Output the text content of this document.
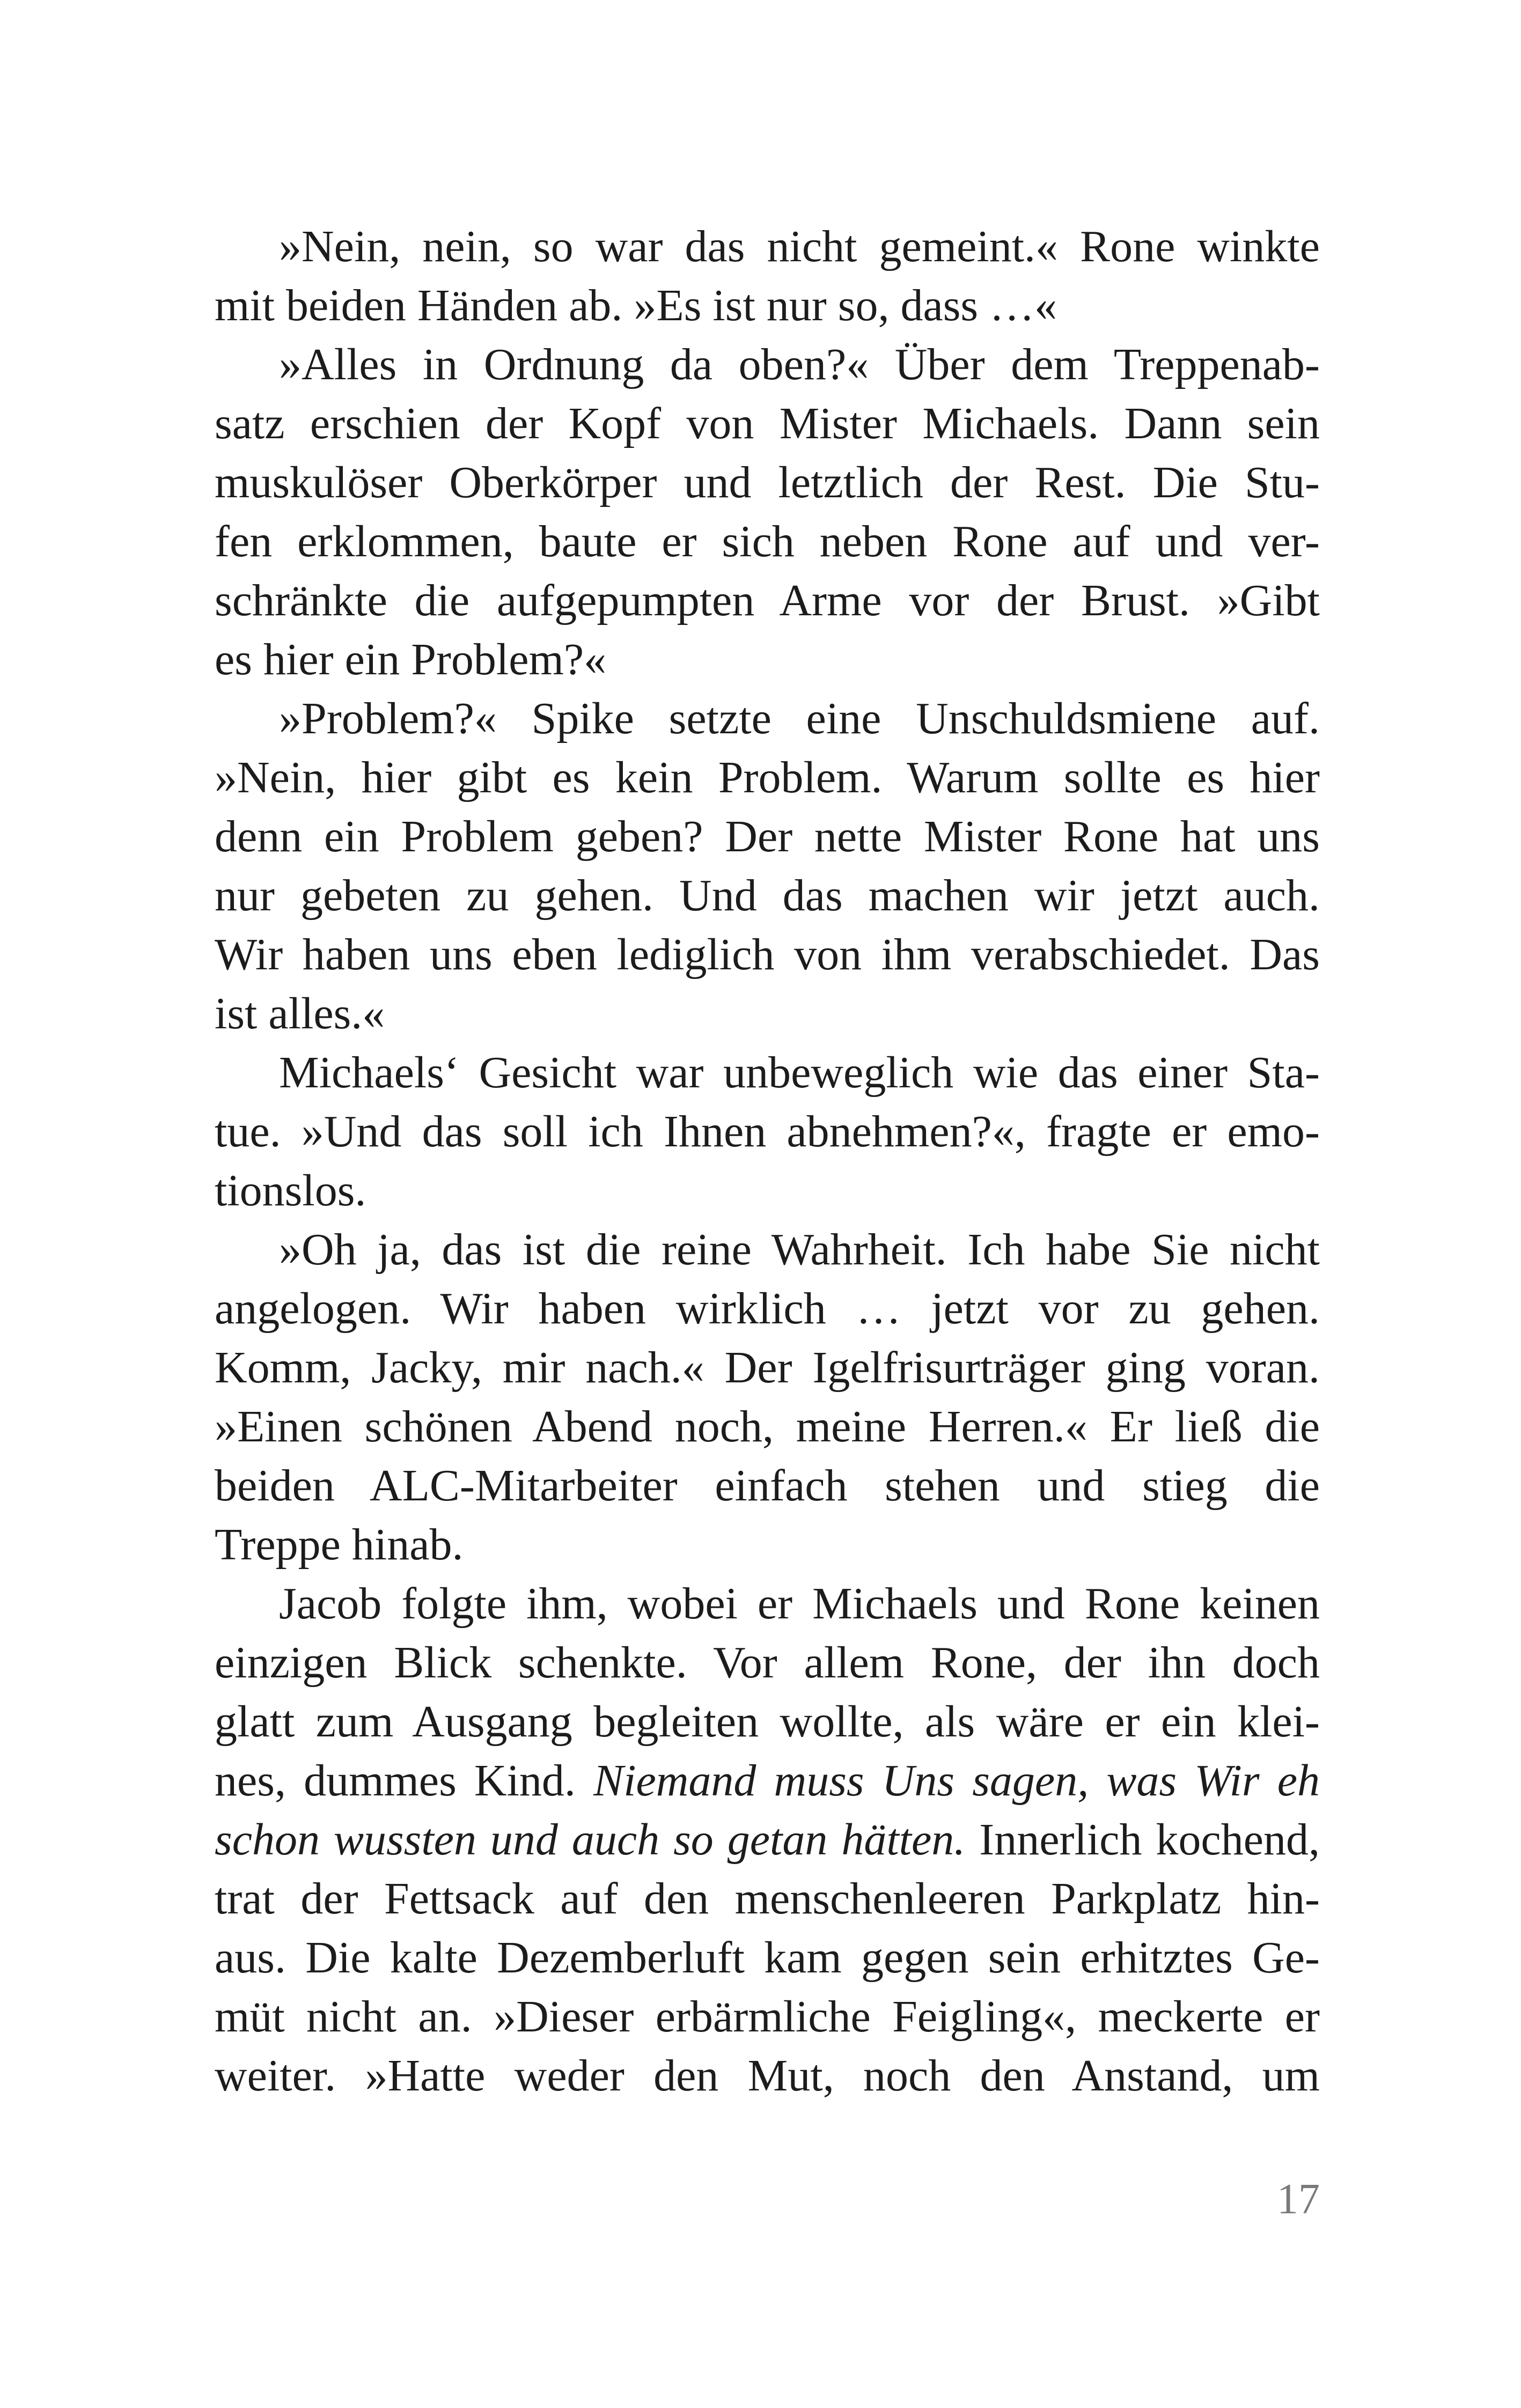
»Nein, nein, so war das nicht gemeint.« Rone winkte
mit beiden Händen ab. »Es ist nur so, dass …«
»Alles in Ordnung da oben?« Über dem Treppenab-
satz erschien der Kopf von Mister Michaels. Dann sein
muskulöser Oberkörper und letztlich der Rest. Die Stu-
fen erklommen, baute er sich neben Rone auf und ver-
schränkte die aufgepumpten Arme vor der Brust. »Gibt
es hier ein Problem?«
»Problem?« Spike setzte eine Unschuldsmiene auf.
»Nein, hier gibt es kein Problem. Warum sollte es hier
denn ein Problem geben? Der nette Mister Rone hat uns
nur gebeten zu gehen. Und das machen wir jetzt auch.
Wir haben uns eben lediglich von ihm verabschiedet. Das
ist alles.«
Michaels‘ Gesicht war unbeweglich wie das einer Sta-
tue. »Und das soll ich Ihnen abnehmen?«, fragte er emo-
tionslos.
»Oh ja, das ist die reine Wahrheit. Ich habe Sie nicht
angelogen. Wir haben wirklich … jetzt vor zu gehen.
Komm, Jacky, mir nach.« Der Igelfrisurträger ging voran.
»Einen schönen Abend noch, meine Herren.« Er ließ die
beiden ALC-Mitarbeiter einfach stehen und stieg die
Treppe hinab.
Jacob folgte ihm, wobei er Michaels und Rone keinen
einzigen Blick schenkte. Vor allem Rone, der ihn doch
glatt zum Ausgang begleiten wollte, als wäre er ein klei-
nes, dummes Kind. Niemand muss Uns sagen, was Wir eh
schon wussten und auch so getan hätten. Innerlich kochend,
trat der Fettsack auf den menschenleeren Parkplatz hin-
aus. Die kalte Dezemberluft kam gegen sein erhitztes Ge-
müt nicht an. »Dieser erbärmliche Feigling«, meckerte er
weiter. »Hatte weder den Mut, noch den Anstand, um
17
